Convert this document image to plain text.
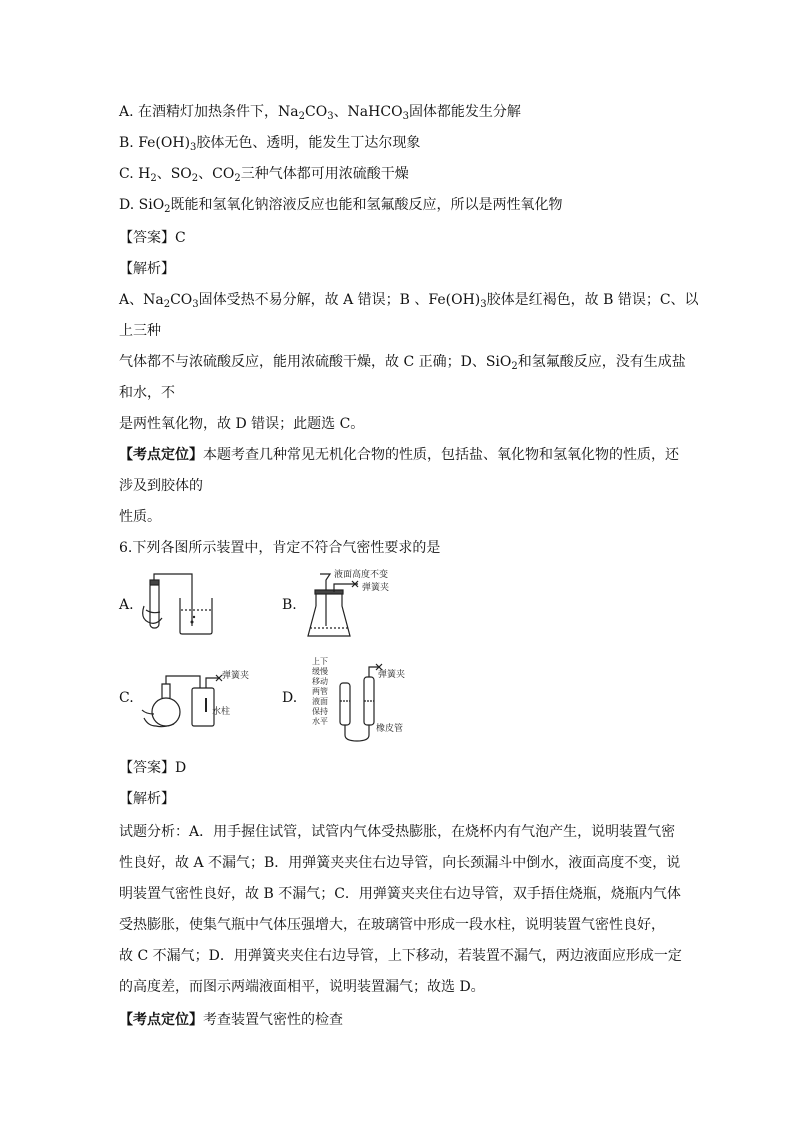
A. 在酒精灯加热条件下，$Na_2CO_3$、NaHCO$_3$固体都能发生分解
B. $Fe(OH)_3$胶体无色、透明，能发生丁达尔现象
C. $H_2$、$SO_2$、$CO_2$三种气体都可用浓硫酸干燥
D. SiO$_2$既能和氢氧化钠溶液反应也能和氢氟酸反应，所以是两性氧化物
【答案】C
【解析】
A、$Na_2CO_3$固体受热不易分解，故 A 错误；B 、$Fe(OH)_3$胶体是红褐色，故 B 错误；C、以
上三种
气体都不与浓硫酸反应，能用浓硫酸干燥，故 C 正确；D、SiO$_2$和氢氟酸反应，没有生成盐
和水，不
是两性氧化物，故 D 错误；此题选 C。
【考点定位】本题考查几种常见无机化合物的性质，包括盐、氧化物和氢氧化物的性质，还
涉及到胶体的
性质。
6.下列各图所示装置中，肯定不符合气密性要求的是
A.	B.
C.	D.
液面高度不变
弹簧夹
弹簧夹
水柱
上下
缓慢
移动
两管
液面
保持
水平
弹簧夹
橡皮管
【答案】D
【解析】
试题分析：A．用手握住试管，试管内气体受热膨胀，在烧杯内有气泡产生，说明装置气密
性良好，故 A 不漏气；B．用弹簧夹夹住右边导管，向长颈漏斗中倒水，液面高度不变，说
明装置气密性良好，故 B 不漏气；C．用弹簧夹夹住右边导管，双手捂住烧瓶，烧瓶内气体
受热膨胀，使集气瓶中气体压强增大，在玻璃管中形成一段水柱，说明装置气密性良好，
故 C 不漏气；D．用弹簧夹夹住右边导管，上下移动，若装置不漏气，两边液面应形成一定
的高度差，而图示两端液面相平，说明装置漏气；故选 D。
【考点定位】考查装置气密性的检查
